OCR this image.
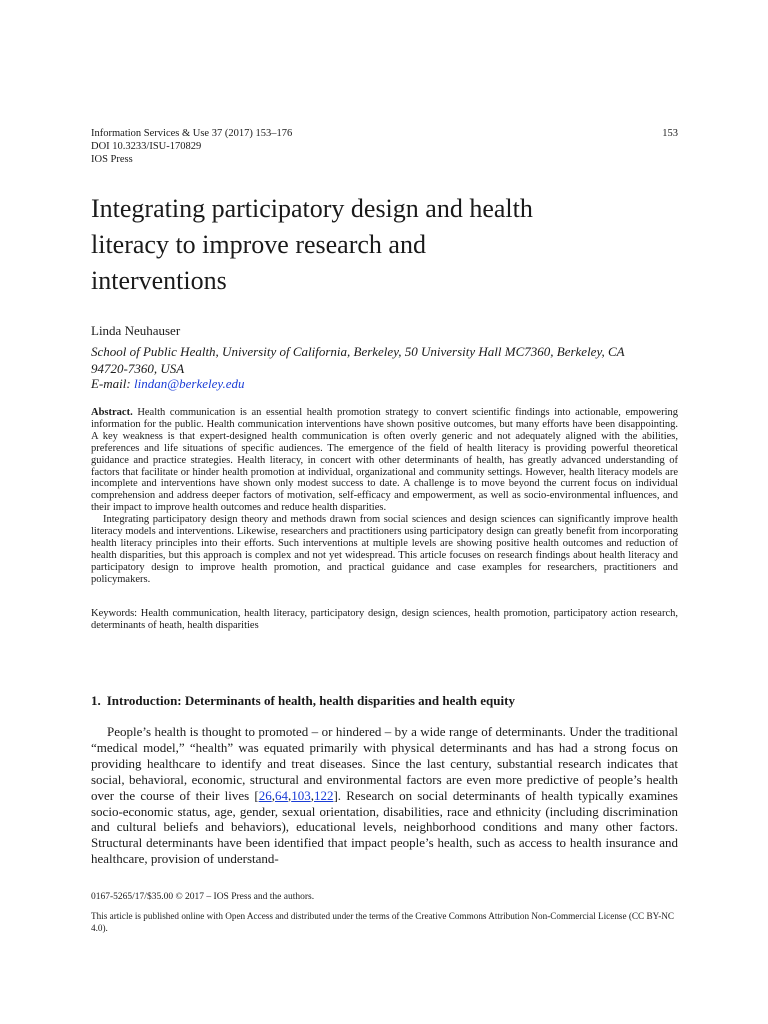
Information Services & Use 37 (2017) 153–176
DOI 10.3233/ISU-170829
IOS Press
153
Integrating participatory design and health
literacy to improve research and
interventions
Linda Neuhauser
School of Public Health, University of California, Berkeley, 50 University Hall MC7360, Berkeley, CA
94720-7360, USA
E-mail: lindan@berkeley.edu

Abstract. Health communication is an essential health promotion strategy to convert scientific findings into actionable, empowering information for the public. Health communication interventions have shown positive outcomes, but many efforts have been disappointing. A key weakness is that expert-designed health communication is often overly generic and not adequately aligned with the abilities, preferences and life situations of specific audiences. The emergence of the field of health literacy is providing powerful theoretical guidance and practice strategies. Health literacy, in concert with other determinants of health, has greatly advanced understanding of factors that facilitate or hinder health promotion at individual, organizational and community settings. However, health literacy models are incomplete and interventions have shown only modest success to date. A challenge is to move beyond the current focus on individual comprehension and address deeper factors of motivation, self-efficacy and empowerment, as well as socio-environmental influences, and their impact to improve health outcomes and reduce health disparities.

Integrating participatory design theory and methods drawn from social sciences and design sciences can significantly improve health literacy models and interventions. Likewise, researchers and practitioners using participatory design can greatly benefit from incorporating health literacy principles into their efforts. Such interventions at multiple levels are showing positive health outcomes and reduction of health disparities, but this approach is complex and not yet widespread. This article focuses on research findings about health literacy and participatory design to improve health promotion, and practical guidance and case examples for researchers, practitioners and policymakers.

Keywords: Health communication, health literacy, participatory design, design sciences, health promotion, participatory action research, determinants of heath, health disparities
1. Introduction: Determinants of health, health disparities and health equity

People’s health is thought to promoted – or hindered – by a wide range of determinants. Under the traditional “medical model,” “health” was equated primarily with physical determinants and has had a strong focus on providing healthcare to identify and treat diseases. Since the last century, substantial research indicates that social, behavioral, economic, structural and environmental factors are even more predictive of people’s health over the course of their lives [26,64,103,122]. Research on social determinants of health typically examines socio-economic status, age, gender, sexual orientation, disabilities, race and ethnicity (including discrimination and cultural beliefs and behaviors), educational levels, neighborhood conditions and many other factors. Structural determinants have been identified that impact people’s health, such as access to health insurance and healthcare, provision of understand-

0167-5265/17/$35.00 © 2017 – IOS Press and the authors.
This article is published online with Open Access and distributed under the terms of the Creative Commons Attribution Non-Commercial License (CC BY-NC 4.0).
